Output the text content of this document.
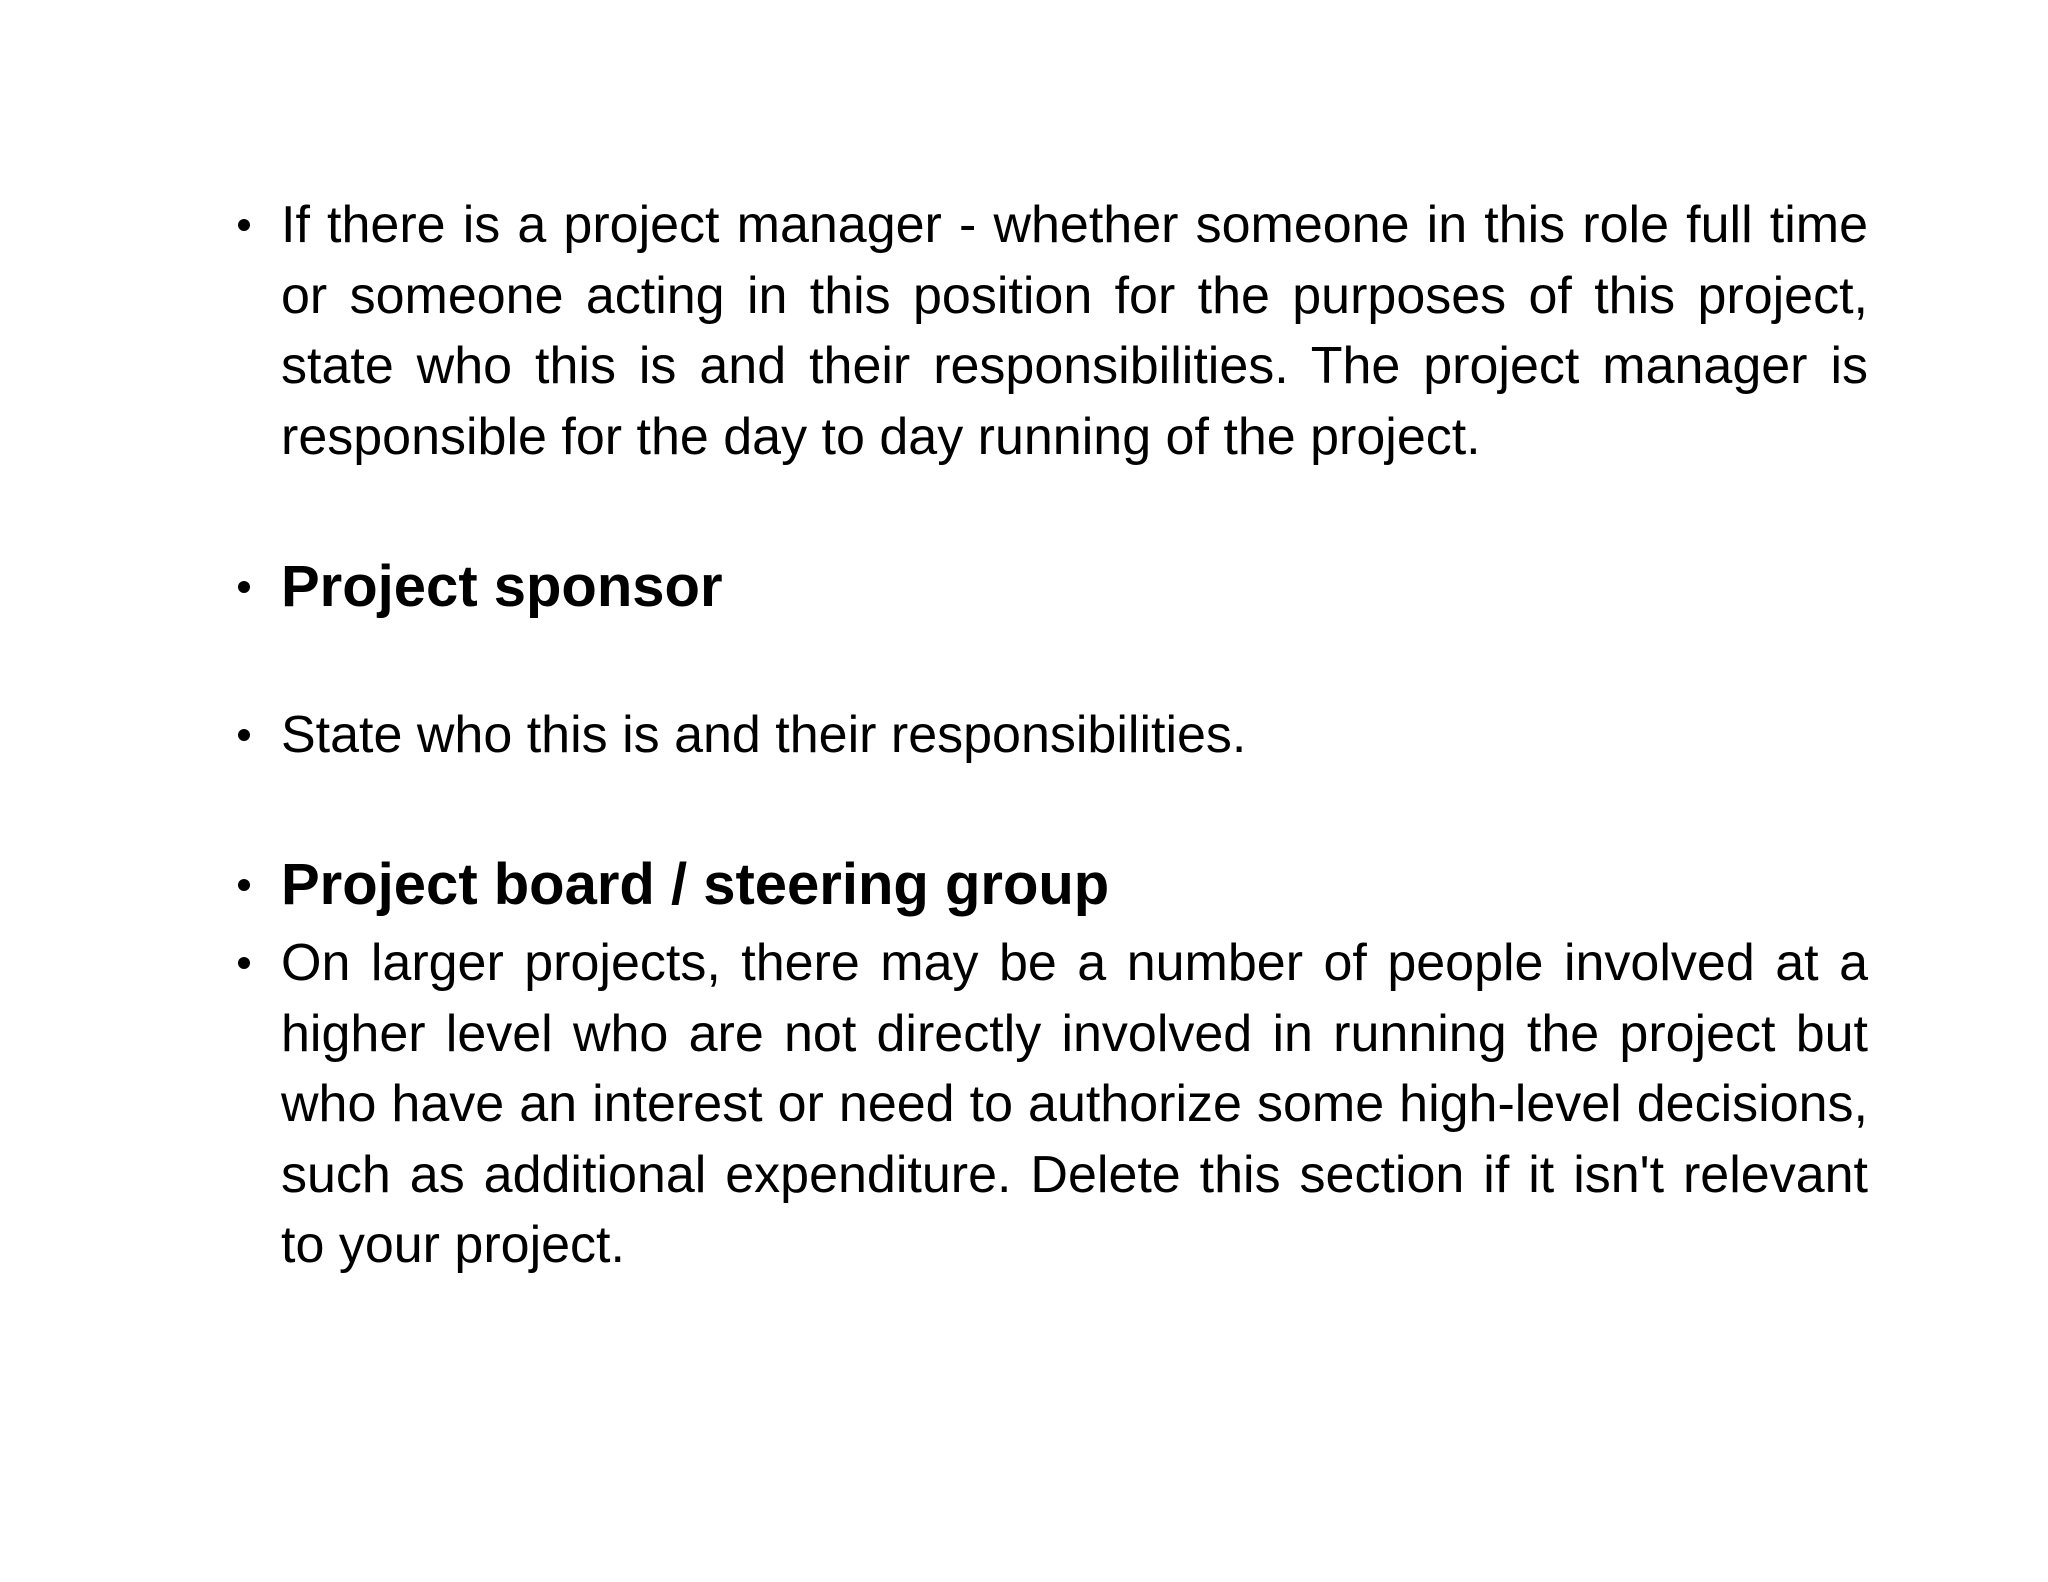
If there is a project manager - whether someone in this role full time or someone acting in this position for the purposes of this project, state who this is and their responsibilities. The project manager is responsible for the day to day running of the project.
Project sponsor
State who this is and their responsibilities.
Project board / steering group
On larger projects, there may be a number of people involved at a higher level who are not directly involved in running the project but who have an interest or need to authorize some high-level decisions, such as additional expenditure. Delete this section if it isn't relevant to your project.
